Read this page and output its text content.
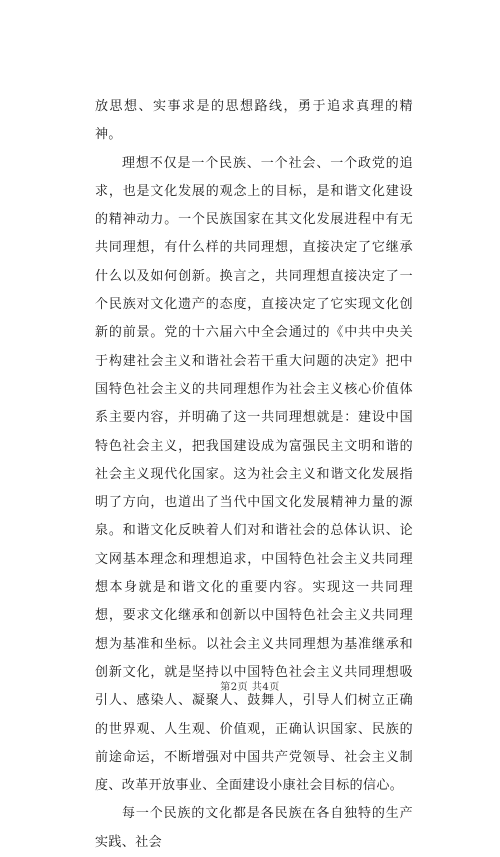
放思想、实事求是的思想路线，勇于追求真理的精神。

理想不仅是一个民族、一个社会、一个政党的追求，也是文化发展的观念上的目标，是和谐文化建设的精神动力。一个民族国家在其文化发展进程中有无共同理想，有什么样的共同理想，直接决定了它继承什么以及如何创新。换言之，共同理想直接决定了一个民族对文化遗产的态度，直接决定了它实现文化创新的前景。党的十六届六中全会通过的《中共中央关于构建社会主义和谐社会若干重大问题的决定》把中国特色社会主义的共同理想作为社会主义核心价值体系主要内容，并明确了这一共同理想就是：建设中国特色社会主义，把我国建设成为富强民主文明和谐的社会主义现代化国家。这为社会主义和谐文化发展指明了方向，也道出了当代中国文化发展精神力量的源泉。和谐文化反映着人们对和谐社会的总体认识、论文网基本理念和理想追求，中国特色社会主义共同理想本身就是和谐文化的重要内容。实现这一共同理想，要求文化继承和创新以中国特色社会主义共同理想为基准和坐标。以社会主义共同理想为基准继承和创新文化，就是坚持以中国特色社会主义共同理想吸引人、感染人、凝聚人、鼓舞人，引导人们树立正确的世界观、人生观、价值观，正确认识国家、民族的前途命运，不断增强对中国共产党领导、社会主义制度、改革开放事业、全面建设小康社会目标的信心。

每一个民族的文化都是各民族在各自独特的生产实践、社会

第2页 共4页
